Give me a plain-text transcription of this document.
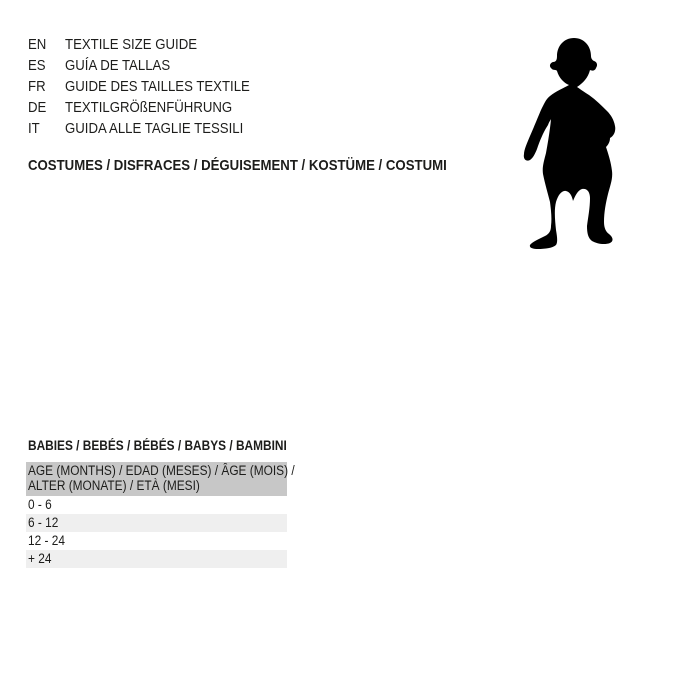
EN TEXTILE SIZE GUIDE
ES GUÍA DE TALLAS
FR GUIDE DES TAILLES TEXTILE
DE TEXTILGRÖßENFÜHRUNG
IT GUIDA ALLE TAGLIE TESSILI
COSTUMES / DISFRACES / DÉGUISEMENT / KOSTÜME / COSTUMI
BABIES / BEBÉS / BÉBÉS / BABYS / BAMBINI
AGE (MONTHS) / EDAD (MESES) / ÂGE (MOIS) /
ALTER (MONATE) / ETÀ (MESI)
0 - 6
6 - 12
12 - 24
+ 24
